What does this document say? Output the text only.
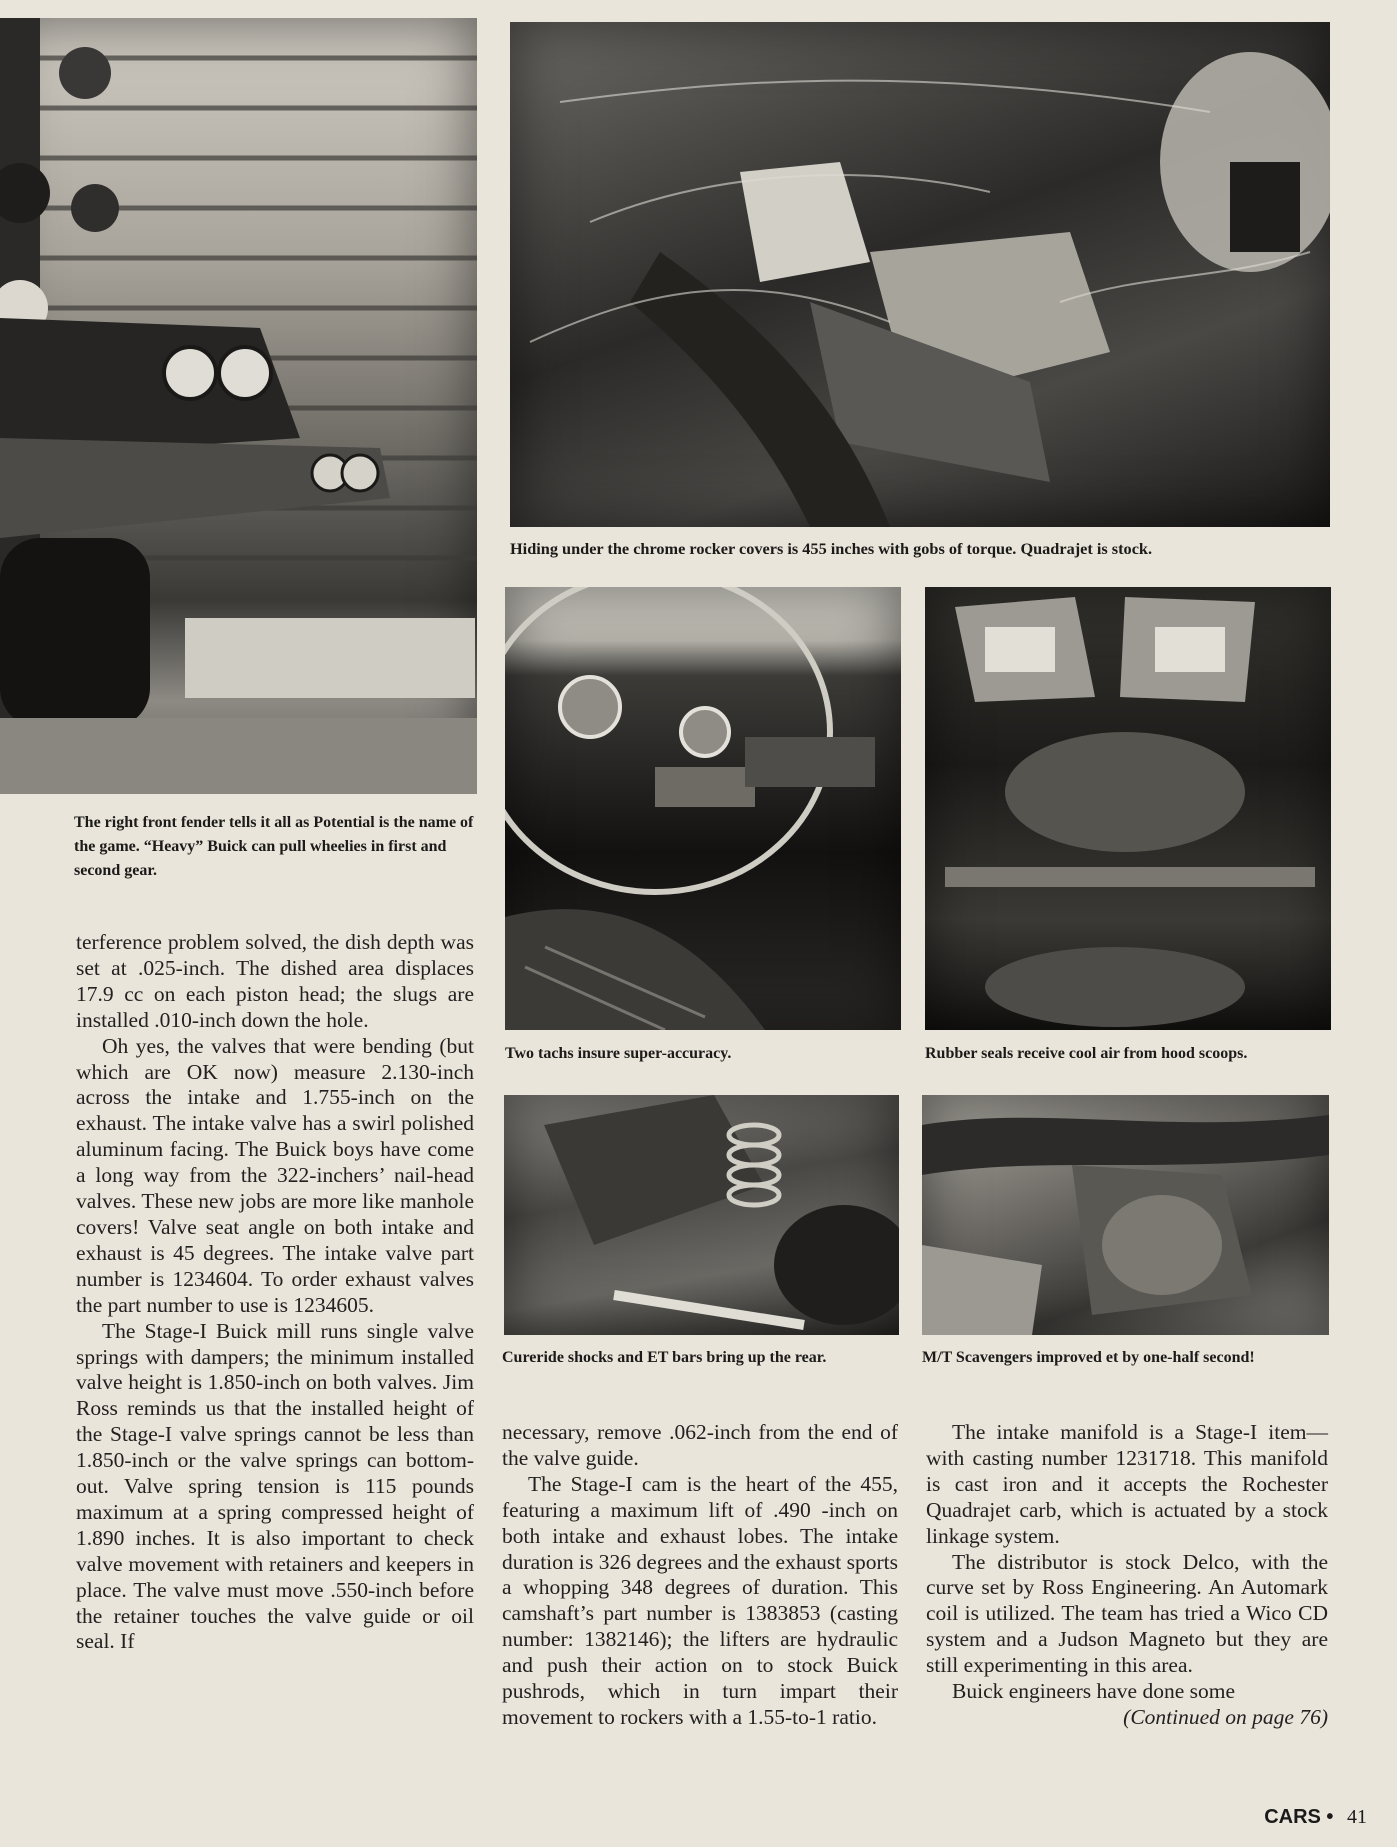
The right front fender tells it all as Potential is the name of the game. “Heavy” Buick can pull wheelies in first and second gear.

Hiding under the chrome rocker covers is 455 inches with gobs of torque. Quadrajet is stock.

Two tachs insure super-accuracy.	Rubber seals receive cool air from hood scoops.

Cureride shocks and ET bars bring up the rear.	M/T Scavengers improved et by one-half second!

terference problem solved, the dish depth was set at .025-inch. The dished area displaces 17.9 cc on each piston head; the slugs are installed .010-inch down the hole.

Oh yes, the valves that were bending (but which are OK now) measure 2.130-inch across the intake and 1.755-inch on the exhaust. The intake valve has a swirl polished aluminum facing. The Buick boys have come a long way from the 322-inchers’ nail-head valves. These new jobs are more like manhole covers! Valve seat angle on both intake and exhaust is 45 degrees. The intake valve part number is 1234604. To order exhaust valves the part number to use is 1234605.

The Stage-I Buick mill runs single valve springs with dampers; the minimum installed valve height is 1.850-inch on both valves. Jim Ross reminds us that the installed height of the Stage-I valve springs cannot be less than 1.850-inch or the valve springs can bottom-out. Valve spring tension is 115 pounds maximum at a spring compressed height of 1.890 inches. It is also important to check valve movement with retainers and keepers in place. The valve must move .550-inch before the retainer touches the valve guide or oil seal. If

necessary, remove .062-inch from the end of the valve guide.

The Stage-I cam is the heart of the 455, featuring a maximum lift of .490 -inch on both intake and exhaust lobes. The intake duration is 326 degrees and the exhaust sports a whopping 348 degrees of duration. This camshaft’s part number is 1383853 (casting number: 1382146); the lifters are hydraulic and push their action on to stock Buick pushrods, which in turn impart their movement to rockers with a 1.55-to-1 ratio.

The intake manifold is a Stage-I item—with casting number 1231718. This manifold is cast iron and it accepts the Rochester Quadrajet carb, which is actuated by a stock linkage system.

The distributor is stock Delco, with the curve set by Ross Engineering. An Automark coil is utilized. The team has tried a Wico CD system and a Judson Magneto but they are still experimenting in this area.

Buick engineers have done some

(Continued on page 76)

CARS • 41
